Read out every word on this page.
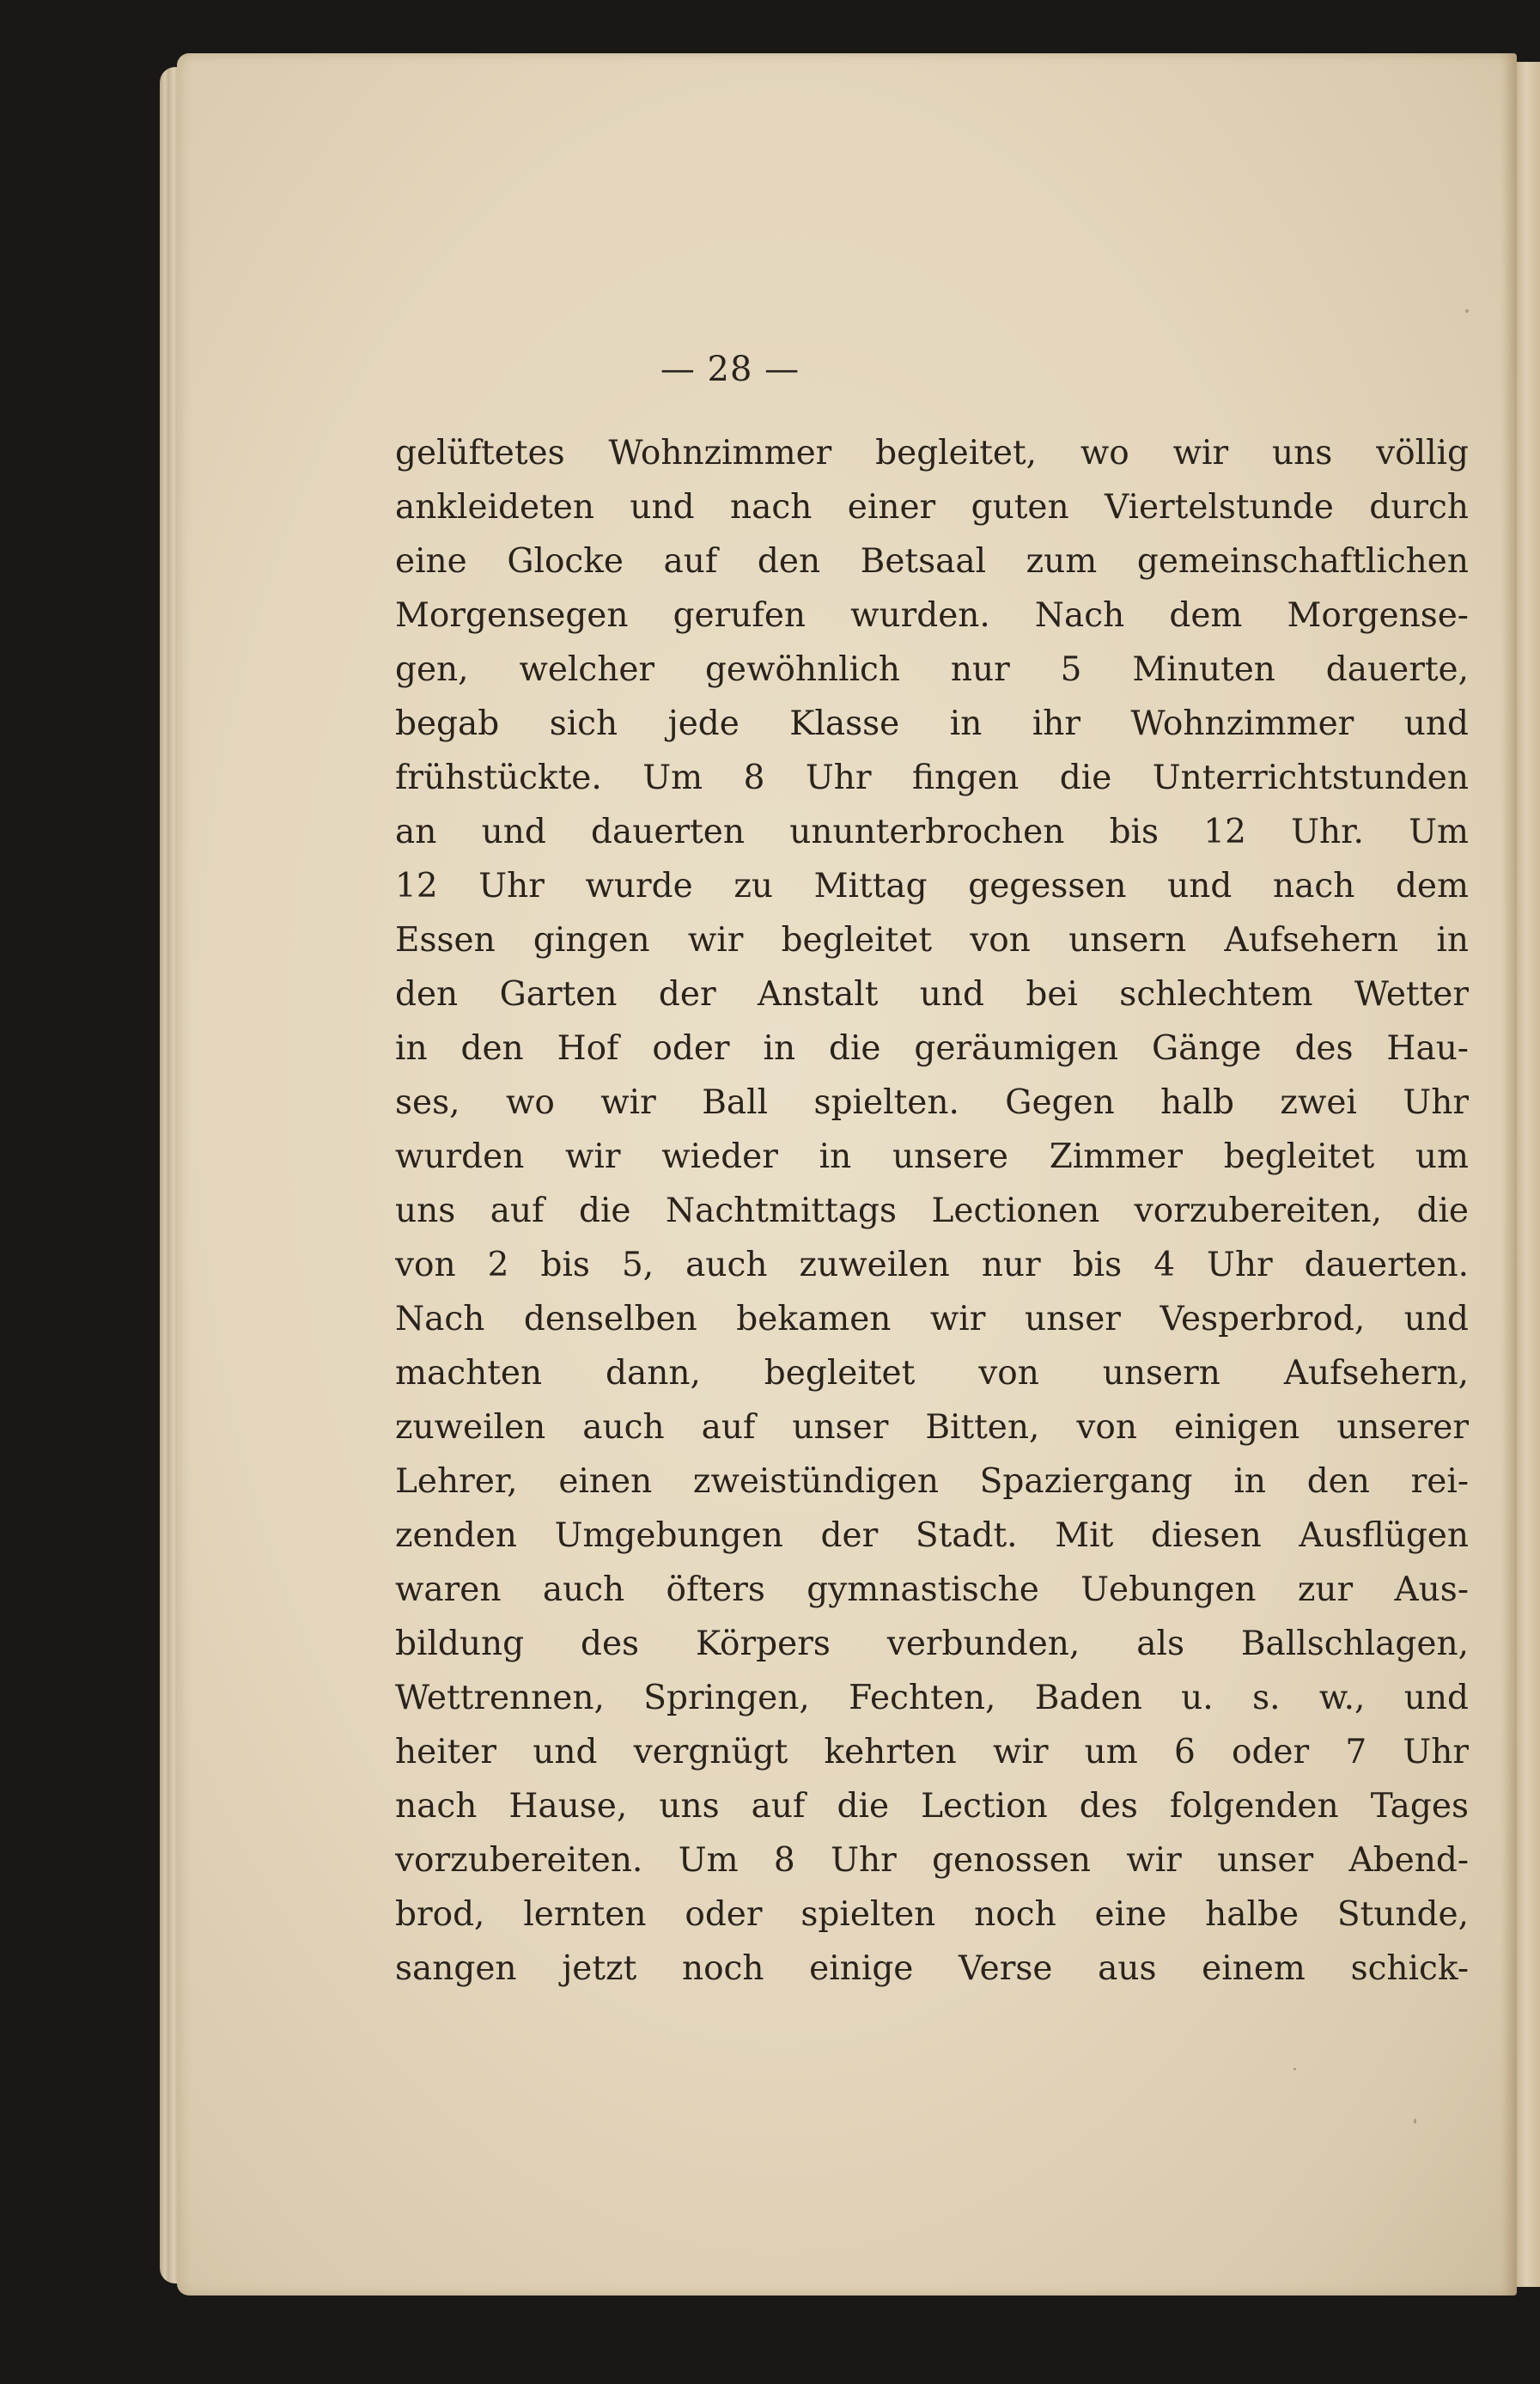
— 28 —
gelüftetes Wohnzimmer begleitet, wo wir uns völlig
ankleideten und nach einer guten Viertelstunde durch
eine Glocke auf den Betsaal zum gemeinschaftlichen
Morgensegen gerufen wurden. Nach dem Morgense-
gen, welcher gewöhnlich nur 5 Minuten dauerte,
begab sich jede Klasse in ihr Wohnzimmer und
frühstückte. Um 8 Uhr fingen die Unterrichtstunden
an und dauerten ununterbrochen bis 12 Uhr. Um
12 Uhr wurde zu Mittag gegessen und nach dem
Essen gingen wir begleitet von unsern Aufsehern in
den Garten der Anstalt und bei schlechtem Wetter
in den Hof oder in die geräumigen Gänge des Hau-
ses, wo wir Ball spielten. Gegen halb zwei Uhr
wurden wir wieder in unsere Zimmer begleitet um
uns auf die Nachtmittags Lectionen vorzubereiten, die
von 2 bis 5, auch zuweilen nur bis 4 Uhr dauerten.
Nach denselben bekamen wir unser Vesperbrod, und
machten dann, begleitet von unsern Aufsehern,
zuweilen auch auf unser Bitten, von einigen unserer
Lehrer, einen zweistündigen Spaziergang in den rei-
zenden Umgebungen der Stadt. Mit diesen Ausflügen
waren auch öfters gymnastische Uebungen zur Aus-
bildung des Körpers verbunden, als Ballschlagen,
Wettrennen, Springen, Fechten, Baden u. s. w., und
heiter und vergnügt kehrten wir um 6 oder 7 Uhr
nach Hause, uns auf die Lection des folgenden Tages
vorzubereiten. Um 8 Uhr genossen wir unser Abend-
brod, lernten oder spielten noch eine halbe Stunde,
sangen jetzt noch einige Verse aus einem schick-
